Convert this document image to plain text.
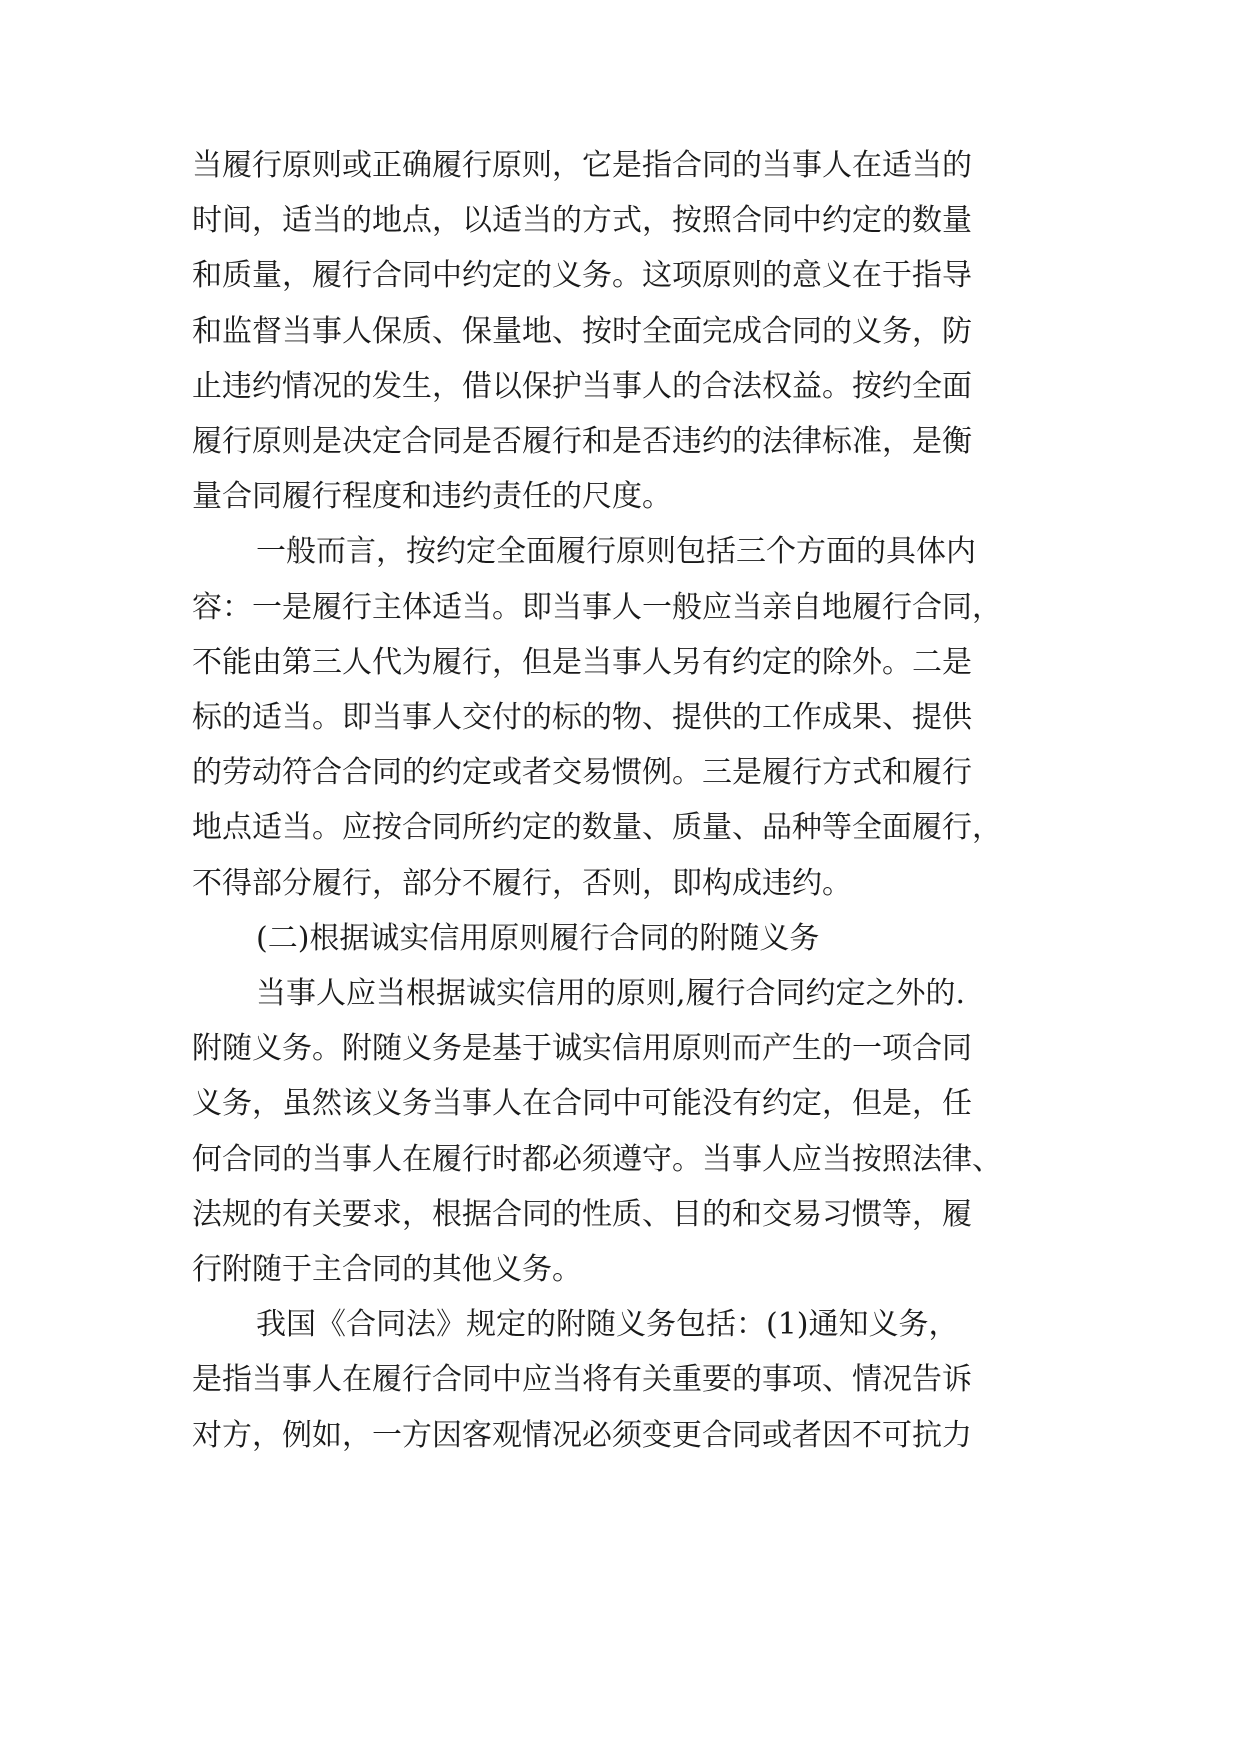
当履行原则或正确履行原则，它是指合同的当事人在适当的
时间，适当的地点，以适当的方式，按照合同中约定的数量
和质量，履行合同中约定的义务。这项原则的意义在于指导
和监督当事人保质、保量地、按时全面完成合同的义务，防
止违约情况的发生，借以保护当事人的合法权益。按约全面
履行原则是决定合同是否履行和是否违约的法律标准，是衡
量合同履行程度和违约责任的尺度。
一般而言，按约定全面履行原则包括三个方面的具体内
容：一是履行主体适当。即当事人一般应当亲自地履行合同，
不能由第三人代为履行，但是当事人另有约定的除外。二是
标的适当。即当事人交付的标的物、提供的工作成果、提供
的劳动符合合同的约定或者交易惯例。三是履行方式和履行
地点适当。应按合同所约定的数量、质量、品种等全面履行，
不得部分履行，部分不履行，否则，即构成违约。
(二)根据诚实信用原则履行合同的附随义务
当事人应当根据诚实信用的原则,履行合同约定之外的.
附随义务。附随义务是基于诚实信用原则而产生的一项合同
义务，虽然该义务当事人在合同中可能没有约定，但是，任
何合同的当事人在履行时都必须遵守。当事人应当按照法律、
法规的有关要求，根据合同的性质、目的和交易习惯等，履
行附随于主合同的其他义务。
我国《合同法》规定的附随义务包括：(1)通知义务，
是指当事人在履行合同中应当将有关重要的事项、情况告诉
对方，例如，一方因客观情况必须变更合同或者因不可抗力
